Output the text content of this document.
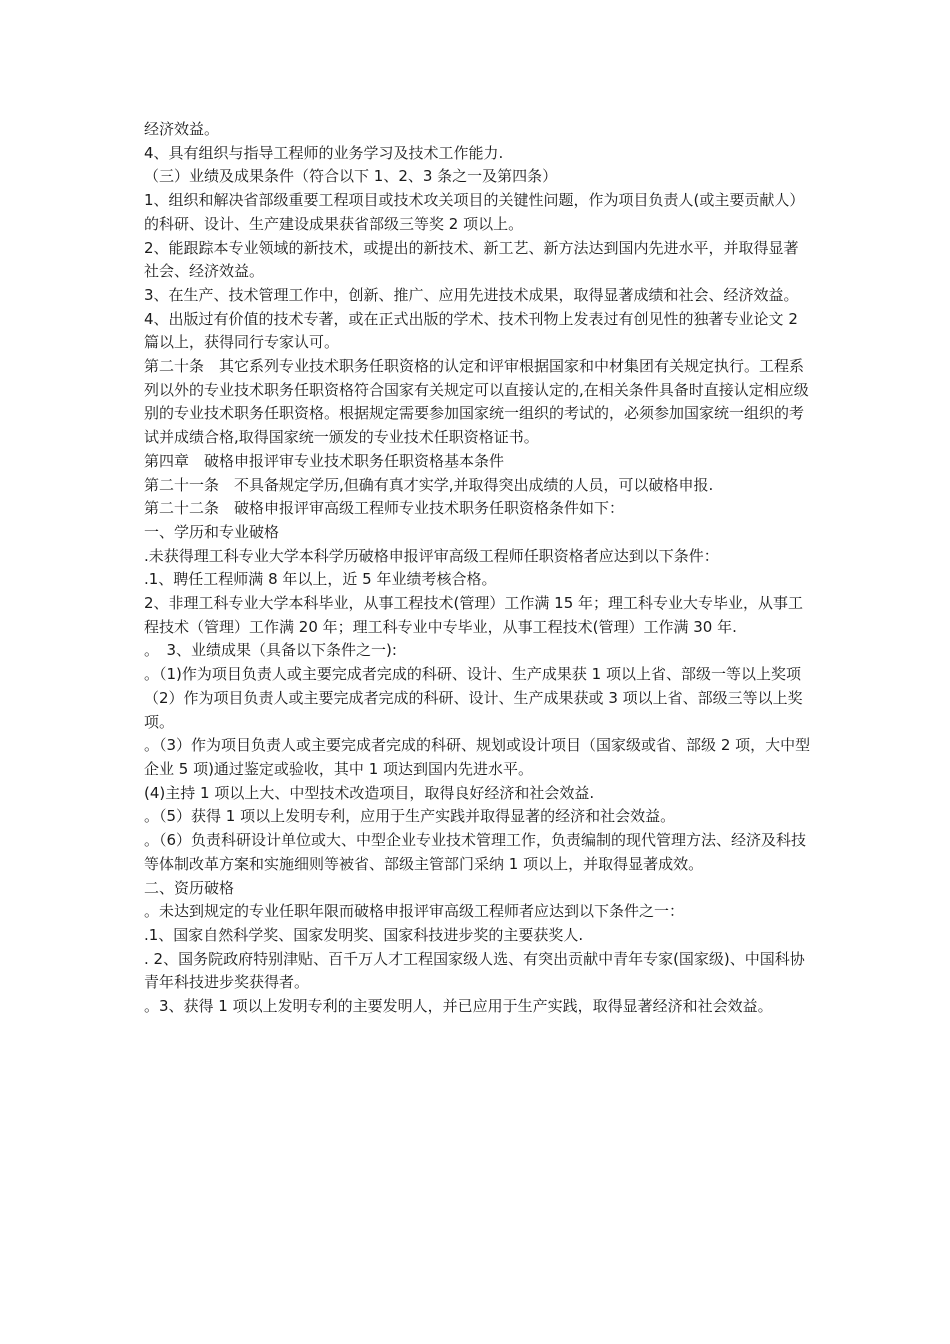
经济效益。

4、具有组织与指导工程师的业务学习及技术工作能力.

（三）业绩及成果条件（符合以下 1、2、3 条之一及第四条）

1、组织和解决省部级重要工程项目或技术攻关项目的关键性问题，作为项目负责人(或主要贡献人）的科研、设计、生产建设成果获省部级三等奖 2 项以上。

2、能跟踪本专业领域的新技术，或提出的新技术、新工艺、新方法达到国内先进水平，并取得显著社会、经济效益。

3、在生产、技术管理工作中，创新、推广、应用先进技术成果，取得显著成绩和社会、经济效益。

4、出版过有价值的技术专著，或在正式出版的学术、技术刊物上发表过有创见性的独著专业论文 2 篇以上，获得同行专家认可。

第二十条　其它系列专业技术职务任职资格的认定和评审根据国家和中材集团有关规定执行。工程系列以外的专业技术职务任职资格符合国家有关规定可以直接认定的,在相关条件具备时直接认定相应级别的专业技术职务任职资格。根据规定需要参加国家统一组织的考试的，必须参加国家统一组织的考试并成绩合格,取得国家统一颁发的专业技术任职资格证书。

第四章　破格申报评审专业技术职务任职资格基本条件

第二十一条　不具备规定学历,但确有真才实学,并取得突出成绩的人员，可以破格申报.

第二十二条　破格申报评审高级工程师专业技术职务任职资格条件如下：

一、学历和专业破格

.未获得理工科专业大学本科学历破格申报评审高级工程师任职资格者应达到以下条件：

.1、聘任工程师满 8 年以上，近 5 年业绩考核合格。

2、非理工科专业大学本科毕业，从事工程技术(管理）工作满 15 年；理工科专业大专毕业，从事工程技术（管理）工作满 20 年；理工科专业中专毕业，从事工程技术(管理）工作满 30 年.

。　3、业绩成果（具备以下条件之一):

。（1)作为项目负责人或主要完成者完成的科研、设计、生产成果获 1 项以上省、部级一等以上奖项

（2）作为项目负责人或主要完成者完成的科研、设计、生产成果获或 3 项以上省、部级三等以上奖项。

。（3）作为项目负责人或主要完成者完成的科研、规划或设计项目（国家级或省、部级 2 项，大中型企业 5 项)通过鉴定或验收，其中 1 项达到国内先进水平。

(4)主持 1 项以上大、中型技术改造项目，取得良好经济和社会效益.

。（5）获得 1 项以上发明专利，应用于生产实践并取得显著的经济和社会效益。

。（6）负责科研设计单位或大、中型企业专业技术管理工作，负责编制的现代管理方法、经济及科技等体制改革方案和实施细则等被省、部级主管部门采纳 1 项以上，并取得显著成效。

二、资历破格

。未达到规定的专业任职年限而破格申报评审高级工程师者应达到以下条件之一：

.1、国家自然科学奖、国家发明奖、国家科技进步奖的主要获奖人.

. 2、国务院政府特别津贴、百千万人才工程国家级人选、有突出贡献中青年专家(国家级)、中国科协青年科技进步奖获得者。

。3、获得 1 项以上发明专利的主要发明人，并已应用于生产实践，取得显著经济和社会效益。
